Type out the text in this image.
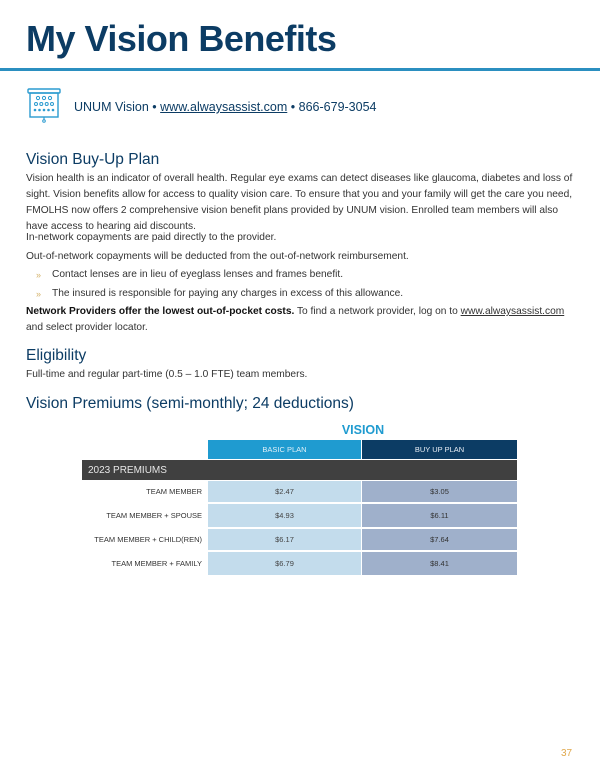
My Vision Benefits
UNUM Vision • www.alwaysassist.com • 866-679-3054
Vision Buy-Up Plan

Vision health is an indicator of overall health. Regular eye exams can detect diseases like glaucoma, diabetes and loss of sight. Vision benefits allow for access to quality vision care. To ensure that you and your family will get the care you need, FMOLHS now offers 2 comprehensive vision benefit plans provided by UNUM vision. Enrolled team members will also have access to hearing aid discounts.

In-network copayments are paid directly to the provider.

Out-of-network copayments will be deducted from the out-of-network reimbursement.

»	Contact lenses are in lieu of eyeglass lenses and frames benefit.
»	The insured is responsible for paying any charges in excess of this allowance.

Network Providers offer the lowest out-of-pocket costs. To find a network provider, log on to www.alwaysassist.com and select provider locator.

Eligibility

Full-time and regular part-time (0.5 – 1.0 FTE) team members.

Vision Premiums (semi-monthly; 24 deductions)
VISION
BASIC PLAN	BUY UP PLAN
2023 PREMIUMS
TEAM MEMBER	$2.47	$3.05
TEAM MEMBER + SPOUSE	$4.93	$6.11
TEAM MEMBER + CHILD(REN)	$6.17	$7.64
TEAM MEMBER + FAMILY	$6.79	$8.41
37
